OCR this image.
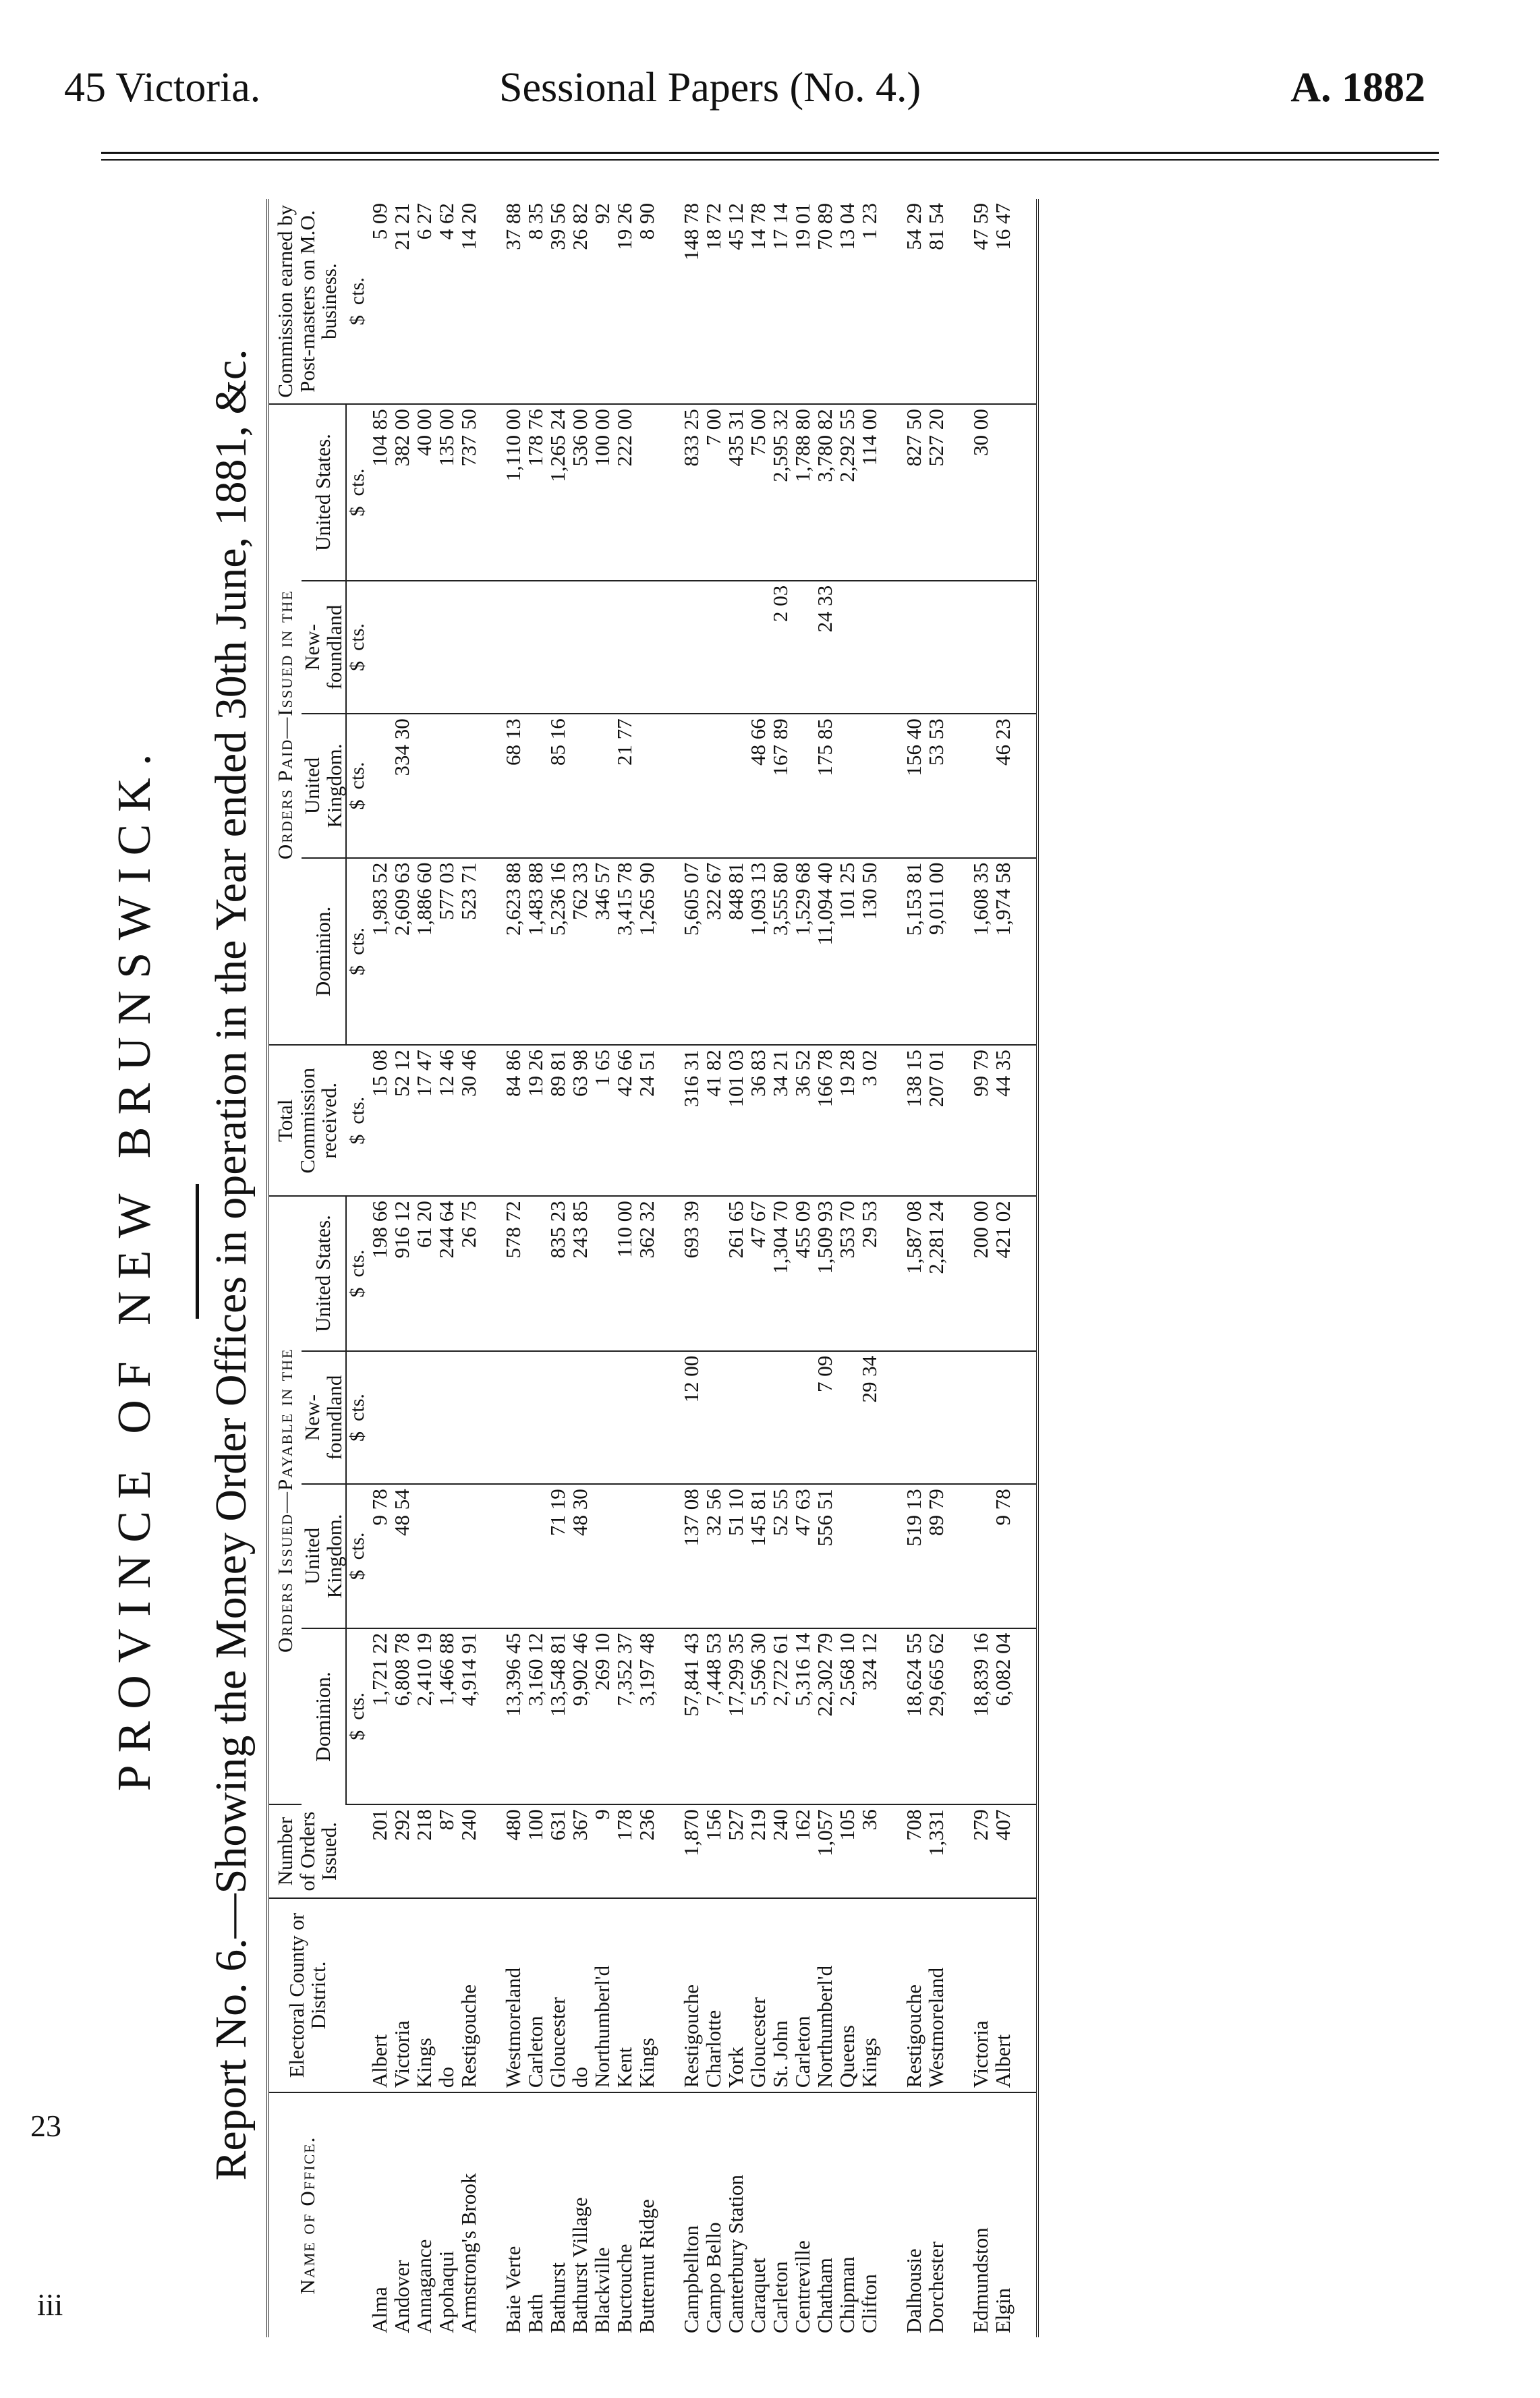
45 Victoria.	Sessional Papers (No. 4.)	A. 1882
PROVINCE OF NEW BRUNSWICK. Report No. 6.—Showing the Money Order Offices in operation in the Year ended 30th June, 1881, &c.
Name of Office.	Electoral County or District.	Number of Orders Issued.	Orders Issued—Payable in the				Total Commission received.	Orders Paid—Issued in the				Commission earned by Post-masters on M.O. business.

			Dominion.	United Kingdom.	New-foundland	United States.		Dominion.	United Kingdom.	New-foundland	United States.	
			$  cts.	$  cts.	$  cts.	$  cts.	$  cts.	$  cts.	$  cts.	$  cts.	$  cts.	$  cts.
Alma	Albert	201	1,721 22	9 78		198 66	15 08	1,983 52			104 85	5 09
Andover	Victoria	292	6,808 78	48 54		916 12	52 12	2,609 63	334 30		382 00	21 21
Annagance	Kings	218	2,410 19			61 20	17 47	1,886 60			40 00	6 27
Apohaqui	do	87	1,466 88			244 64	12 46	577 03			135 00	4 62
Armstrong's Brook	Restigouche	240	4,914 91			26 75	30 46	523 71			737 50	14 20

Baie Verte	Westmoreland	480	13,396 45			578 72	84 86	2,623 88	68 13		1,110 00	37 88
Bath	Carleton	100	3,160 12				19 26	1,483 88			178 76	8 35
Bathurst	Gloucester	631	13,548 81	71 19		835 23	89 81	5,236 16	85 16		1,265 24	39 56
Bathurst Village	do	367	9,902 46	48 30		243 85	63 98	762 33			536 00	26 82
Blackville	Northumberl'd	9	269 10				1 65	346 57			100 00	92
Buctouche	Kent	178	7,352 37			110 00	42 66	3,415 78	21 77		222 00	19 26
Butternut Ridge	Kings	236	3,197 48			362 32	24 51	1,265 90				8 90

Campbellton	Restigouche	1,870	57,841 43	137 08	12 00	693 39	316 31	5,605 07			833 25	148 78
Campo Bello	Charlotte	156	7,448 53	32 56			41 82	322 67			7 00	18 72
Canterbury Station	York	527	17,299 35	51 10		261 65	101 03	848 81			435 31	45 12
Caraquet	Gloucester	219	5,596 30	145 81		47 67	36 83	1,093 13	48 66		75 00	14 78
Carleton	St. John	240	2,722 61	52 55		1,304 70	34 21	3,555 80	167 89	2 03	2,595 32	17 14
Centreville	Carleton	162	5,316 14	47 63		455 09	36 52	1,529 68			1,788 80	19 01
Chatham	Northumberl'd	1,057	22,302 79	556 51	7 09	1,509 93	166 78	11,094 40	175 85	24 33	3,780 82	70 89
Chipman	Queens	105	2,568 10			353 70	19 28	101 25			2,292 55	13 04
Clifton	Kings	36	324 12		29 34	29 53	3 02	130 50			114 00	1 23

Dalhousie	Restigouche	708	18,624 55	519 13		1,587 08	138 15	5,153 81	156 40		827 50	54 29
Dorchester	Westmoreland	1,331	29,665 62	89 79		2,281 24	207 01	9,011 00	53 53		527 20	81 54

Edmundston	Victoria	279	18,839 16			200 00	99 79	1,608 35			30 00	47 59
Elgin	Albert	407	6,082 04	9 78		421 02	44 35	1,974 58	46 23			16 47

23
iii
